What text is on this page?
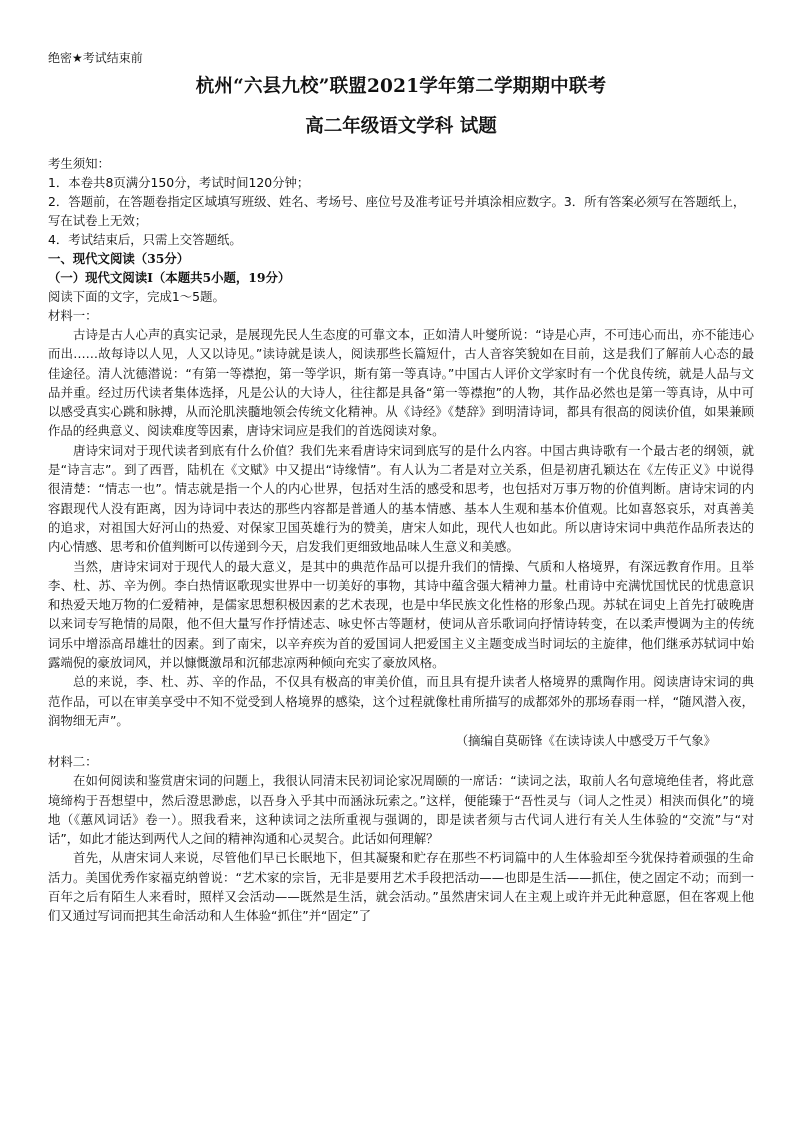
绝密★考试结束前

杭州“六县九校”联盟2021学年第二学期期中联考
高二年级语文学科 试题

考生须知：

1．本卷共8页满分150分，考试时间120分钟；

2．答题前，在答题卷指定区域填写班级、姓名、考场号、座位号及准考证号并填涂相应数字。3．所有答案必须写在答题纸上，写在试卷上无效；

4．考试结束后，只需上交答题纸。

一、现代文阅读（35分）

（一）现代文阅读Ⅰ（本题共5小题，19分）

阅读下面的文字，完成1～5题。

材料一：

古诗是古人心声的真实记录，是展现先民人生态度的可靠文本，正如清人叶燮所说：“诗是心声，不可违心而出，亦不能违心而出……故每诗以人见，人又以诗见。”读诗就是读人，阅读那些长篇短什，古人音容笑貌如在目前，这是我们了解前人心态的最佳途径。清人沈德潜说：“有第一等襟抱，第一等学识，斯有第一等真诗。”中国古人评价文学家时有一个优良传统，就是人品与文品并重。经过历代读者集体选择，凡是公认的大诗人，往往都是具备“第一等襟抱”的人物，其作品必然也是第一等真诗，从中可以感受真实心跳和脉搏，从而沦肌浃髓地领会传统文化精神。从《诗经》《楚辞》到明清诗词，都具有很高的阅读价值，如果兼顾作品的经典意义、阅读难度等因素，唐诗宋词应是我们的首选阅读对象。

唐诗宋词对于现代读者到底有什么价值？我们先来看唐诗宋词到底写的是什么内容。中国古典诗歌有一个最古老的纲领，就是“诗言志”。到了西晋，陆机在《文赋》中又提出“诗缘情”。有人认为二者是对立关系，但是初唐孔颖达在《左传正义》中说得很清楚：“情志一也”。情志就是指一个人的内心世界，包括对生活的感受和思考，也包括对万事万物的价值判断。唐诗宋词的内容跟现代人没有距离，因为诗词中表达的那些内容都是普通人的基本情感、基本人生观和基本价值观。比如喜怒哀乐，对真善美的追求，对祖国大好河山的热爱、对保家卫国英雄行为的赞美，唐宋人如此，现代人也如此。所以唐诗宋词中典范作品所表达的内心情感、思考和价值判断可以传递到今天，启发我们更细致地品味人生意义和美感。

当然，唐诗宋词对于现代人的最大意义，是其中的典范作品可以提升我们的情操、气质和人格境界，有深远教育作用。且举李、杜、苏、辛为例。李白热情讴歌现实世界中一切美好的事物，其诗中蕴含强大精神力量。杜甫诗中充满忧国忧民的忧患意识和热爱天地万物的仁爱精神，是儒家思想积极因素的艺术表现，也是中华民族文化性格的形象凸现。苏轼在词史上首先打破晚唐以来词专写艳情的局限，他不但大量写作抒情述志、咏史怀古等题材，使词从音乐歌词向抒情诗转变，在以柔声慢调为主的传统词乐中增添高昂雄壮的因素。到了南宋，以辛弃疾为首的爱国词人把爱国主义主题变成当时词坛的主旋律，他们继承苏轼词中始露端倪的豪放词风，并以慷慨激昂和沉郁悲凉两种倾向充实了豪放风格。

总的来说，李、杜、苏、辛的作品，不仅具有极高的审美价值，而且具有提升读者人格境界的熏陶作用。阅读唐诗宋词的典范作品，可以在审美享受中不知不觉受到人格境界的感染，这个过程就像杜甫所描写的成都郊外的那场春雨一样，“随风潜入夜，润物细无声”。

（摘编自莫砺锋《在读诗读人中感受万千气象》

材料二：

在如何阅读和鉴赏唐宋词的问题上，我很认同清末民初词论家况周颐的一席话：“读词之法，取前人名句意境绝佳者，将此意境缔构于吾想望中，然后澄思渺虑，以吾身入乎其中而涵泳玩索之。”这样，便能臻于“吾性灵与（词人之性灵）相浃而俱化”的境地（《蕙风词话》卷一）。照我看来，这种读词之法所重视与强调的，即是读者须与古代词人进行有关人生体验的“交流”与“对话”，如此才能达到两代人之间的精神沟通和心灵契合。此话如何理解？

首先，从唐宋词人来说，尽管他们早已长眠地下，但其凝聚和贮存在那些不朽词篇中的人生体验却至今犹保持着顽强的生命活力。美国优秀作家福克纳曾说：“艺术家的宗旨，无非是要用艺术手段把活动——也即是生活——抓住，使之固定不动；而到一百年之后有陌生人来看时，照样又会活动——既然是生活，就会活动。”虽然唐宋词人在主观上或许并无此种意愿，但在客观上他们又通过写词而把其生命活动和人生体验“抓住”并“固定”了
